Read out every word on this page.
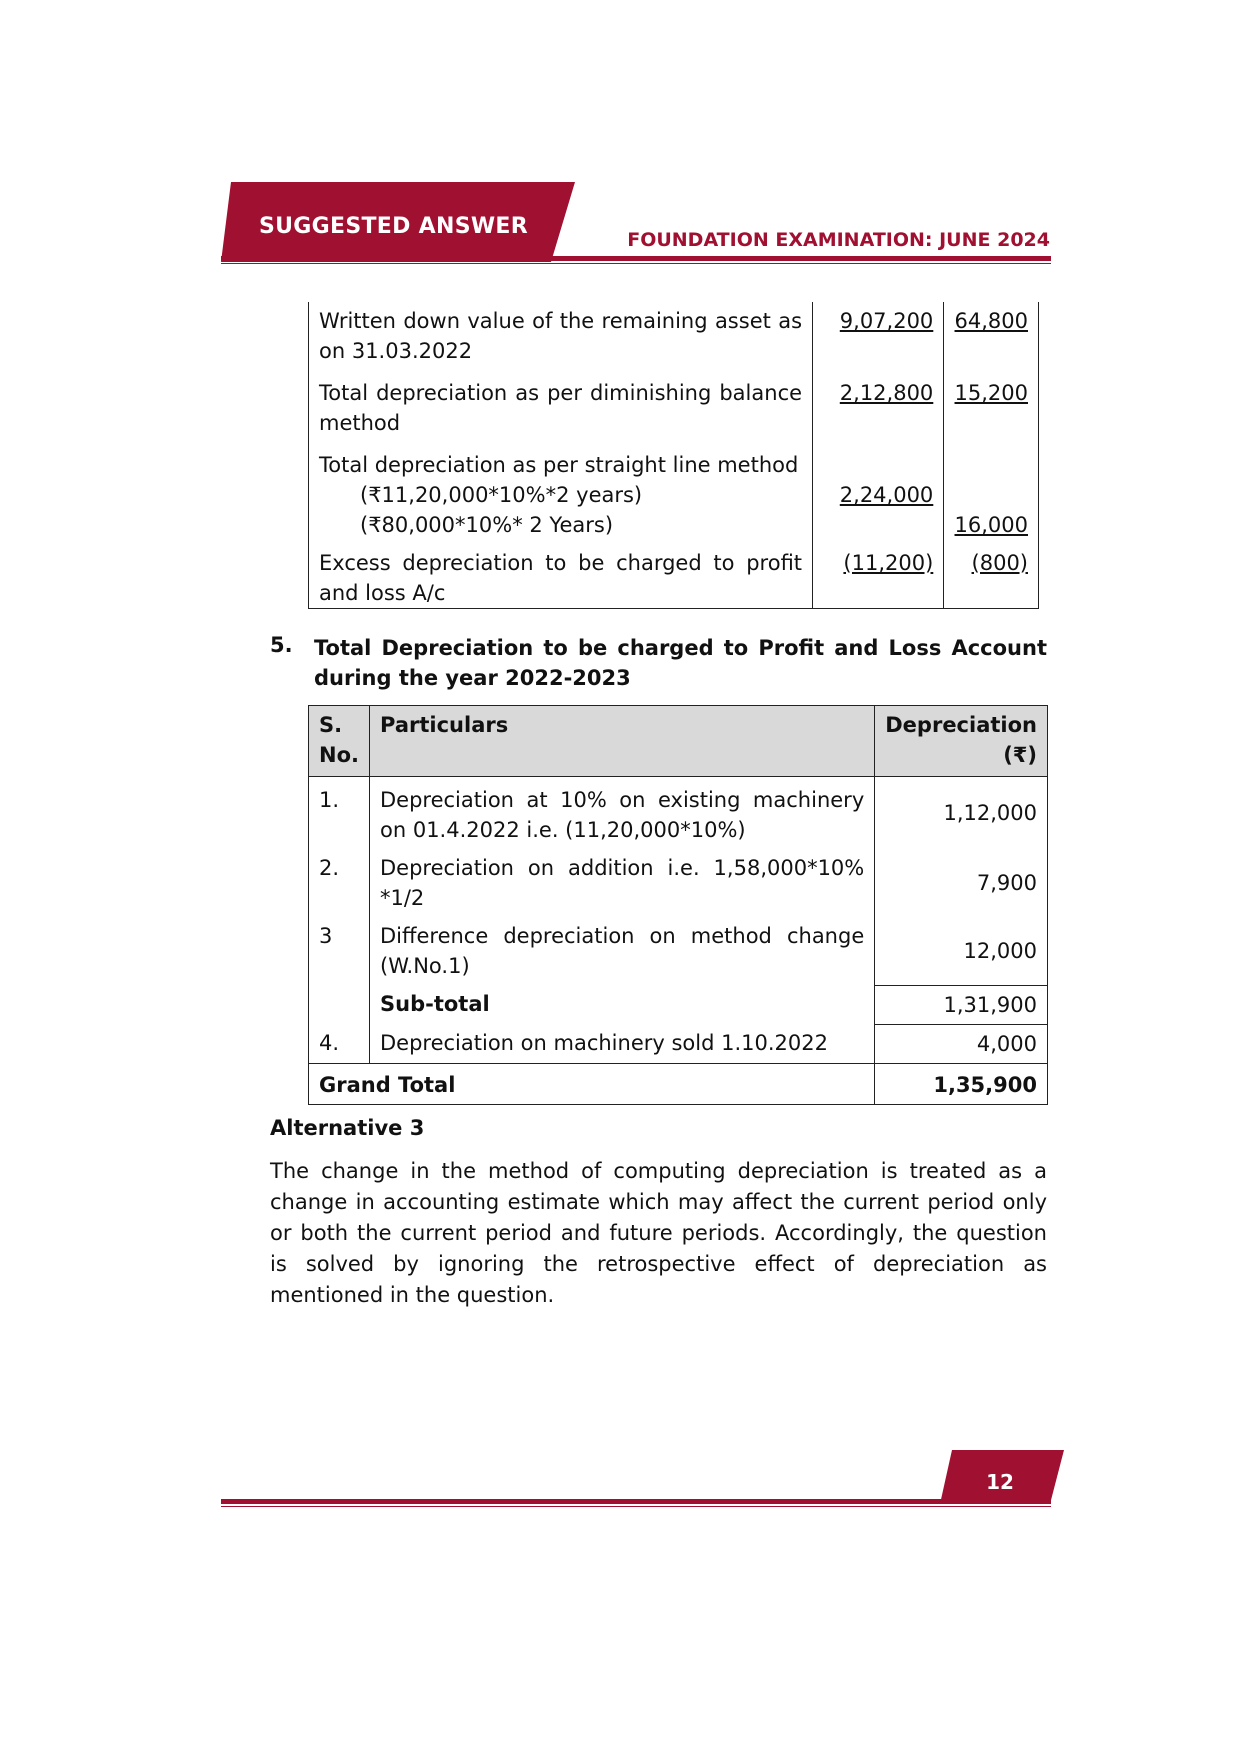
SUGGESTED ANSWER
FOUNDATION EXAMINATION: JUNE 2024
Written down value of the remaining asset as on 31.03.2022	9,07,200	64,800
Total depreciation as per diminishing balance method	2,12,800	15,200
Total depreciation as per straight line method		

(₹11,20,000*10%*2 years)	2,24,000	

(₹80,000*10%* 2 Years)		16,000
Excess depreciation to be charged to profit and loss A/c	(11,200)	(800)
5. Total Depreciation to be charged to Profit and Loss Account during the year 2022-2023
S. No.	Particulars	Depreciation (₹)
1.	Depreciation at 10% on existing machinery on 01.4.2022 i.e. (11,20,000*10%)	1,12,000
2.	Depreciation on addition i.e. 1,58,000*10% *1/2	7,900
3	Difference depreciation on method change (W.No.1)	12,000
	Sub-total	1,31,900
4.	Depreciation on machinery sold 1.10.2022	4,000
Grand Total		1,35,900
Alternative 3
The change in the method of computing depreciation is treated as a change in accounting estimate which may affect the current period only or both the current period and future periods. Accordingly, the question is solved by ignoring the retrospective effect of depreciation as mentioned in the question.
12
